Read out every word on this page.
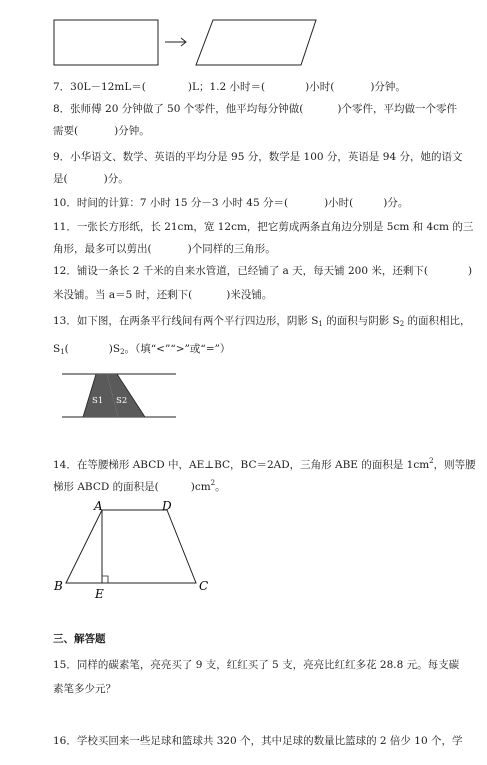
7．30L－12mL＝(	)L；1.2 小时＝(	)小时(	)分钟。
8．张师傅 20 分钟做了 50 个零件，他平均每分钟做(	)个零件，平均做一个零件
需要(	)分钟。
9．小华语文、数学、英语的平均分是 95 分，数学是 100 分，英语是 94 分，她的语文
是(	)分。
10．时间的计算：7 小时 15 分－3 小时 45 分＝(	)小时(	)分。
11．一张长方形纸，长 21cm，宽 12cm，把它剪成两条直角边分别是 5cm 和 4cm 的三
角形，最多可以剪出(	)个同样的三角形。
12．铺设一条长 2 千米的自来水管道，已经铺了 a 天，每天铺 200 米，还剩下(	)
米没铺。当 a＝5 时，还剩下(	)米没铺。
13．如下图，在两条平行线间有两个平行四边形，阴影 $S_1$ 的面积与阴影 $S_2$ 的面积相比，
$S_1$(	)$S_2$。（填“<”“>”或“=”）
S1 S2
14．在等腰梯形 ABCD 中，AE⊥BC，BC＝2AD，三角形 ABE 的面积是 $1cm^2$，则等腰
梯形 ABCD 的面积是(	)$cm^2$。
A	D
B	C
E
三、解答题
15．同样的碳素笔，亮亮买了 9 支，红红买了 5 支，亮亮比红红多花 28.8 元。每支碳
素笔多少元？
16．学校买回来一些足球和篮球共 320 个，其中足球的数量比篮球的 2 倍少 10 个，学
